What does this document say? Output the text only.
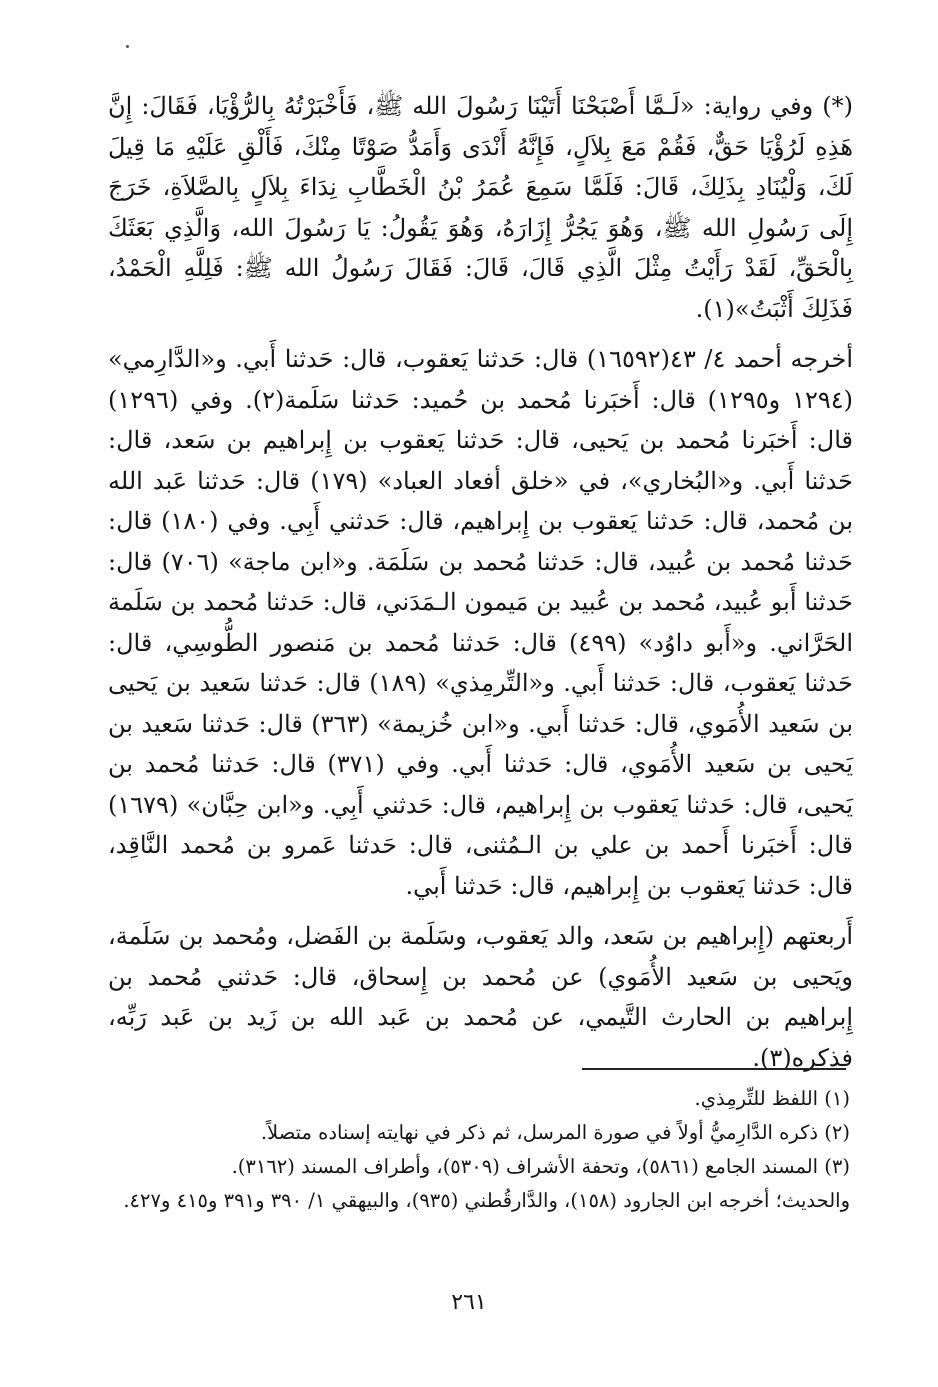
(*) وفي رواية: «لَـمَّا أَصْبَحْنَا أَتَيْنَا رَسُولَ الله ﷺ، فَأَخْبَرْتُهُ بِالرُّؤْيَا، فَقَالَ: إِنَّ هَذِهِ لَرُؤْيَا حَقٌّ، فَقُمْ مَعَ بِلاَلٍ، فَإِنَّهُ أَنْدَى وَأَمَدُّ صَوْتًا مِنْكَ، فَأَلْقِ عَلَيْهِ مَا قِيلَ لَكَ، وَلْيُنَادِ بِذَلِكَ، قَالَ: فَلَمَّا سَمِعَ عُمَرُ بْنُ الْخَطَّابِ نِدَاءَ بِلاَلٍ بِالصَّلاَةِ، خَرَجَ إِلَى رَسُولِ الله ﷺ، وَهُوَ يَجُرُّ إِزَارَهُ، وَهُوَ يَقُولُ: يَا رَسُولَ الله، وَالَّذِي بَعَثَكَ بِالْحَقِّ، لَقَدْ رَأَيْتُ مِثْلَ الَّذِي قَالَ، قَالَ: فَقَالَ رَسُولُ الله ﷺ: فَلِلَّهِ الْحَمْدُ، فَذَلِكَ أَثْبَتُ»(١).

أخرجه أحمد ٤/ ٤٣(١٦٥٩٢) قال: حَدثنا يَعقوب، قال: حَدثنا أَبي. و«الدَّارِمي» (١٢٩٤ و١٢٩٥) قال: أَخبَرنا مُحمد بن حُميد: حَدثنا سَلَمة(٢). وفي (١٢٩٦) قال: أَخبَرنا مُحمد بن يَحيى، قال: حَدثنا يَعقوب بن إِبراهيم بن سَعد، قال: حَدثنا أَبي. و«البُخاري»، في «خلق أفعاد العباد» (١٧٩) قال: حَدثنا عَبد الله بن مُحمد، قال: حَدثنا يَعقوب بن إِبراهيم، قال: حَدثني أَبِي. وفي (١٨٠) قال: حَدثنا مُحمد بن عُبيد، قال: حَدثنا مُحمد بن سَلَمَة. و«ابن ماجة» (٧٠٦) قال: حَدثنا أَبو عُبيد، مُحمد بن عُبيد بن مَيمون الـمَدَني، قال: حَدثنا مُحمد بن سَلَمة الحَرَّاني. و«أَبو داوُد» (٤٩٩) قال: حَدثنا مُحمد بن مَنصور الطُّوسِي، قال: حَدثنا يَعقوب، قال: حَدثنا أَبي. و«التِّرمِذي» (١٨٩) قال: حَدثنا سَعيد بن يَحيى بن سَعيد الأُمَوي، قال: حَدثنا أَبي. و«ابن خُزيمة» (٣٦٣) قال: حَدثنا سَعيد بن يَحيى بن سَعيد الأُمَوي، قال: حَدثنا أَبي. وفي (٣٧١) قال: حَدثنا مُحمد بن يَحيى، قال: حَدثنا يَعقوب بن إِبراهيم، قال: حَدثني أَبِي. و«ابن حِبَّان» (١٦٧٩) قال: أَخبَرنا أَحمد بن علي بن الـمُثنى، قال: حَدثنا عَمرو بن مُحمد النَّاقِد، قال: حَدثنا يَعقوب بن إِبراهيم، قال: حَدثنا أَبي.

أَربعتهم (إِبراهيم بن سَعد، والد يَعقوب، وسَلَمة بن الفَضل، ومُحمد بن سَلَمة، ويَحيى بن سَعيد الأُمَوي) عن مُحمد بن إِسحاق، قال: حَدثني مُحمد بن إِبراهيم بن الحارث التَّيمي، عن مُحمد بن عَبد الله بن زَيد بن عَبد رَبِّه، فذكره(٣).

(١) اللفظ للتِّرمِذي.

(٢) ذكره الدَّارِميُّ أولاً في صورة المرسل، ثم ذكر في نهايته إسناده متصلاً.

(٣) المسند الجامع (٥٨٦١)، وتحفة الأشراف (٥٣٠٩)، وأطراف المسند (٣١٦٢).

والحديث؛ أخرجه ابن الجارود (١٥٨)، والدَّارقُطني (٩٣٥)، والبيهقي ١/ ٣٩٠ و٣٩١ و٤١٥ و٤٢٧.

٢٦١
